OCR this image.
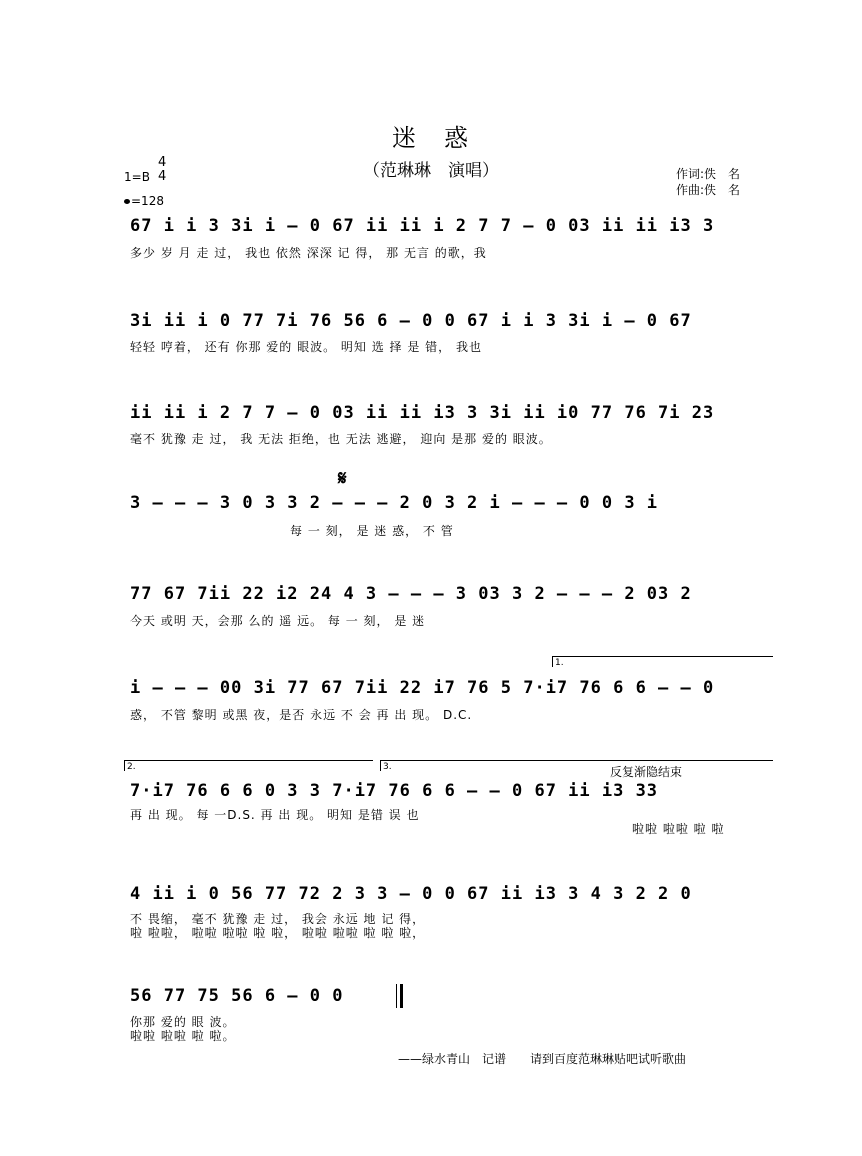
迷　惑
（范琳琳　演唱）	作词:佚　名
作曲:佚　名
1=B
4
4
=128
67 i i 3 3i i – 0 67 ii ii i 2 7 7 – 0 03 ii ii i3 3
多少 岁 月 走 过， 我也 依然 深深 记 得， 那 无言 的歌，我
3i ii i 0 77 7i 76 56 6 – 0 0 67 i i 3 3i i – 0 67
轻轻 哼着， 还有 你那 爱的 眼波。 明知 选 择 是 错， 我也
ii ii i 2 7 7 – 0 03 ii ii i3 3 3i ii i0 77 76 7i 23
毫不 犹豫 走 过， 我 无法 拒绝，也 无法 逃避， 迎向 是那 爱的 眼波。
3 – – – 3 0 3 3 2 – – – 2 0 3 2 i – – – 0 0 3 i
𝄋
每 一 刻， 是 迷 惑， 不 管
77 67 7ii 22 i2 24 4 3 – – – 3 03 3 2 – – – 2 03 2
今天 或明 天，会那 么的 遥 远。 每 一 刻， 是 迷
1.
i – – – 00 3i 77 67 7ii 22 i7 76 5 7·i7 76 6 6 – – 0
惑， 不管 黎明 或黑 夜，是否 永远 不 会 再 出 现。 D.C.
2.	3.	反复渐隐结束
7·i7 76 6 6 0 3 3 7·i7 76 6 6 – – 0 67 ii i3 33
再 出 现。 每 一D.S. 再 出 现。 明知 是错 误 也
啦啦 啦啦 啦 啦
4 ii i 0 56 77 72 2 3 3 – 0 0 67 ii i3 3 4 3 2 2 0
不 畏缩， 毫不 犹豫 走 过， 我会 永远 地 记 得，
啦 啦啦， 啦啦 啦啦 啦 啦， 啦啦 啦啦 啦 啦 啦，
56 77 75 56 6 – 0 0
你那 爱的 眼 波。
啦啦 啦啦 啦 啦。
——绿水青山　记谱　　请到百度范琳琳贴吧试听歌曲
